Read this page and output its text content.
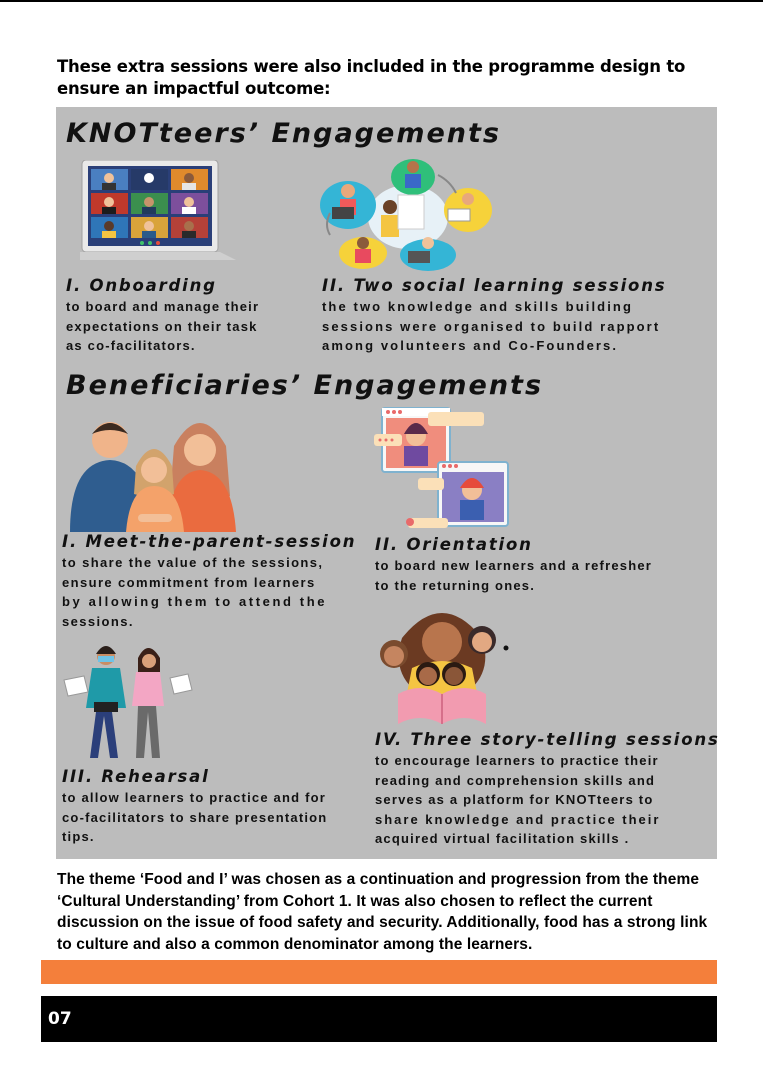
These extra sessions were also included in the programme design to ensure an impactful outcome:

KNOTteers’ Engagements
I. Onboarding
to board and manage their
expectations on their task
as co-facilitators.
II. Two social learning sessions
the two knowledge and skills building
sessions were organised to build rapport
among volunteers and Co-Founders.
Beneficiaries’ Engagements
I. Meet-the-parent-session
to share the value of the sessions,
ensure commitment from learners
by allowing them to attend the
sessions.
II. Orientation
to board new learners and a refresher
to the returning ones.
IV. Three story-telling sessions
to encourage learners to practice their
reading and comprehension skills and
serves as a platform for KNOTteers to
share knowledge and practice their
acquired virtual facilitation skills .
III. Rehearsal
to allow learners to practice and for
co-facilitators to share presentation
tips.

The theme ‘Food and I’ was chosen as a continuation and progression from the theme ‘Cultural Understanding’ from Cohort 1. It was also chosen to reflect the current discussion on the issue of food safety and security. Additionally, food has a strong link to culture and also a common denominator among the learners.

07
